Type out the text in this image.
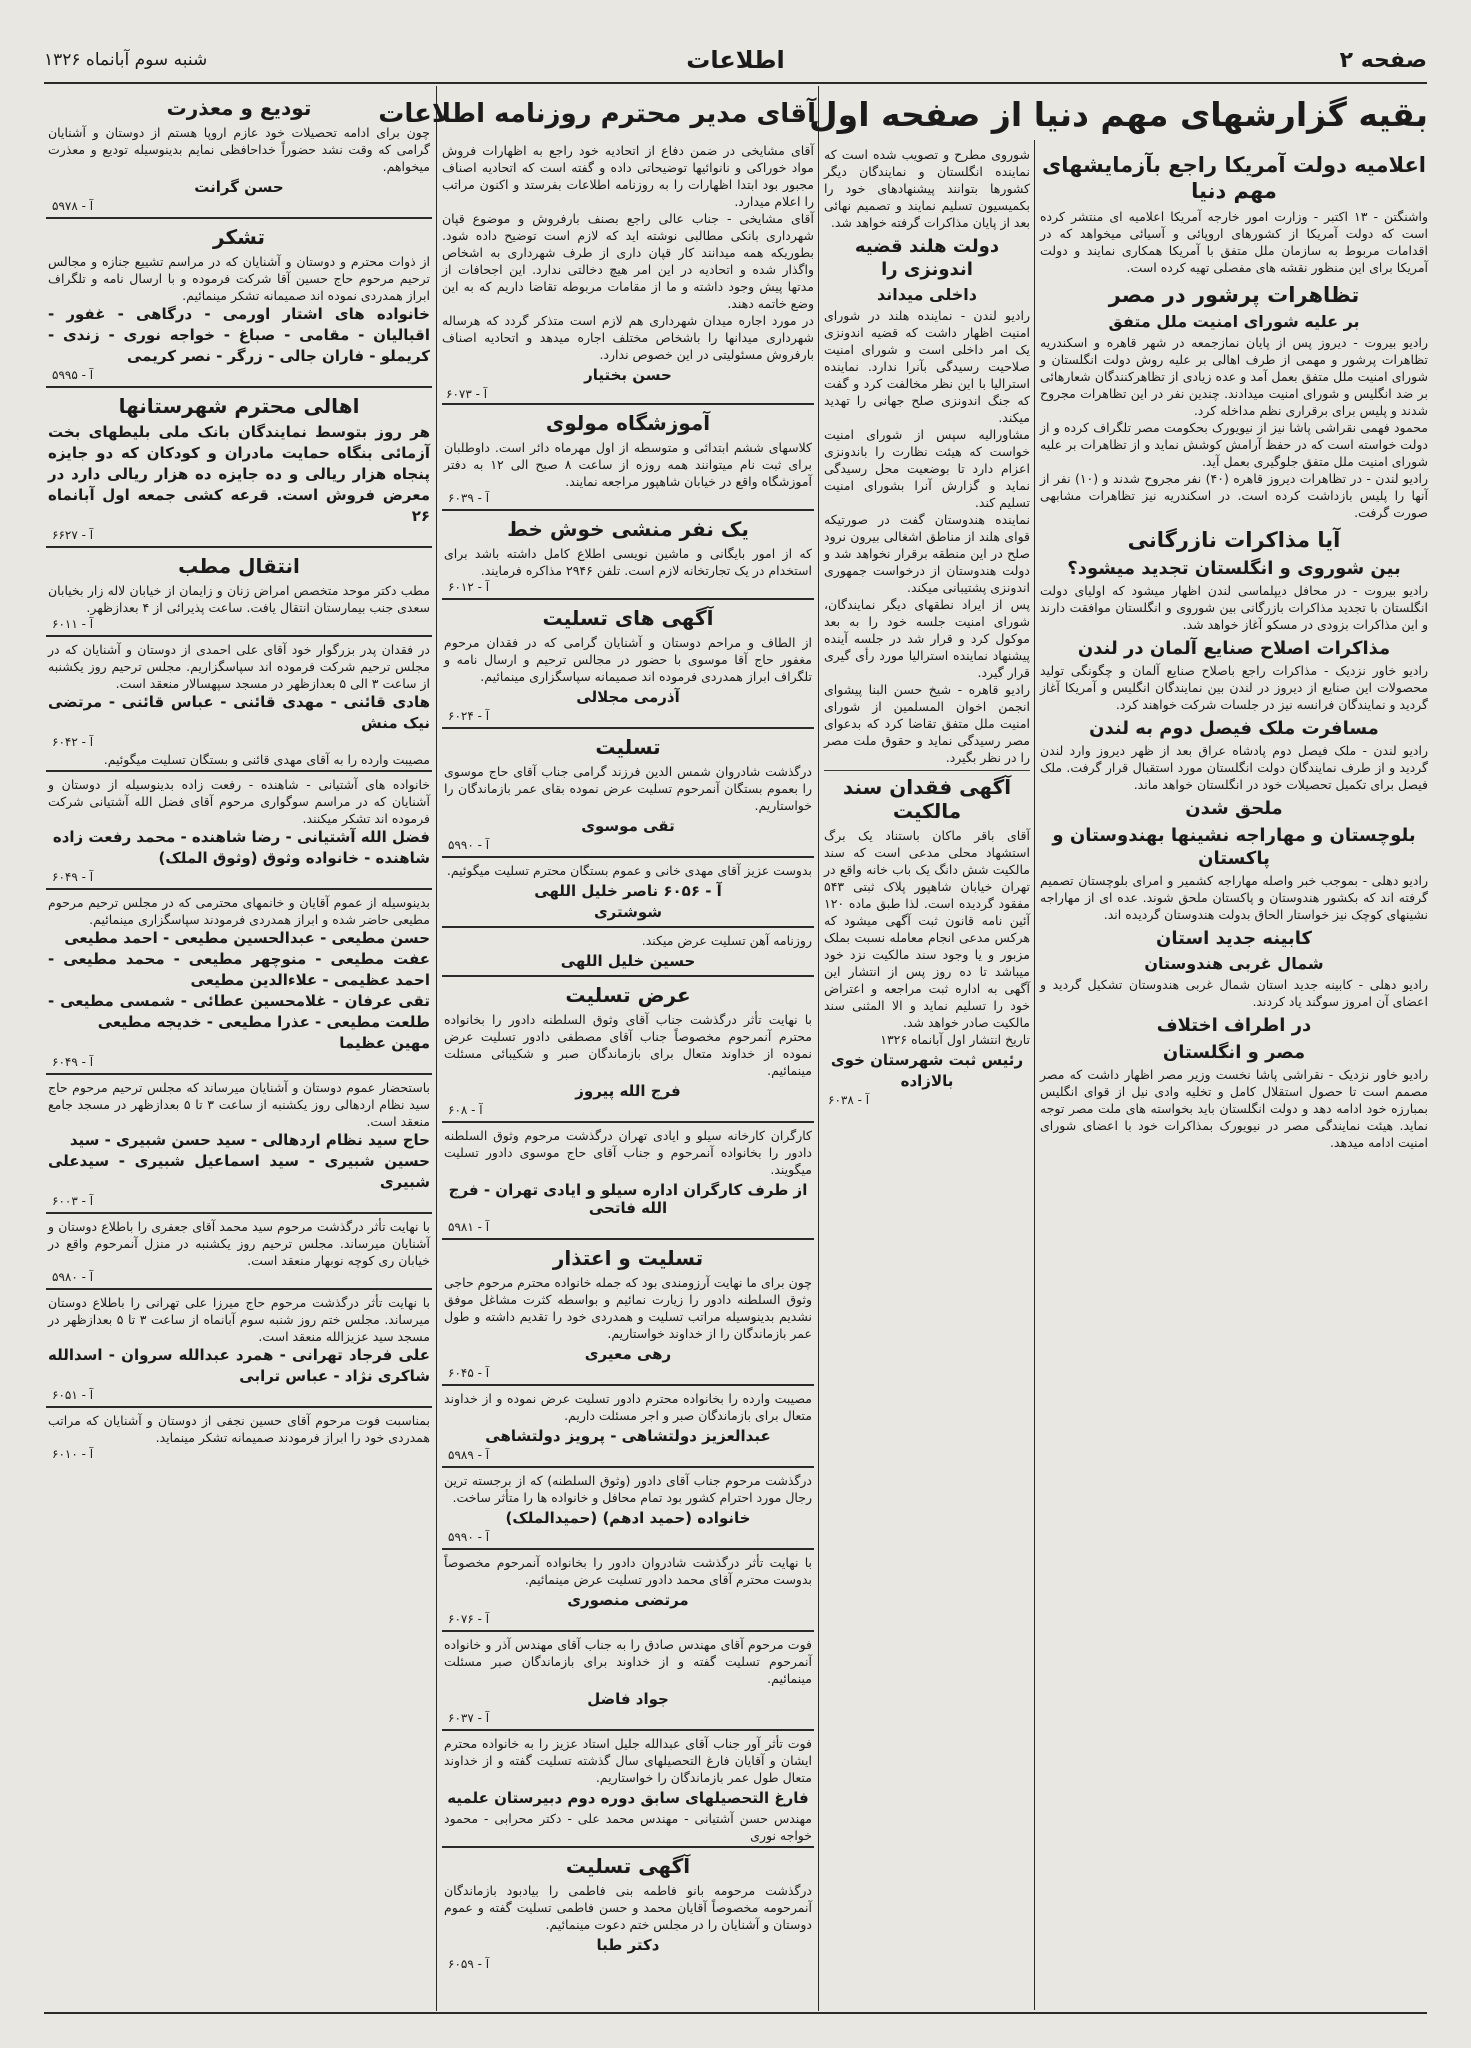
صفحه ۲
اطلاعات
شنبه سوم آبانماه ۱۳۲۶
بقیه گزارشهای مهم دنیا از صفحه اول
آقای مدیر محترم روزنامه اطلاعات
اعلامیه دولت آمریکا راجع بآزمایشهای مهم دنیا

واشنگتن - ۱۳ اکتبر - وزارت امور خارجه آمریکا اعلامیه ای منتشر کرده است که دولت آمریکا از کشورهای اروپائی و آسیائی میخواهد که در اقدامات مربوط به سازمان ملل متفق با آمریکا همکاری نمایند و دولت آمریکا برای این منظور نقشه های مفصلی تهیه کرده است.

تظاهرات پرشور در مصر
بر علیه شورای امنیت ملل متفق

رادیو بیروت - دیروز پس از پایان نمازجمعه در شهر قاهره و اسکندریه تظاهرات پرشور و مهمی از طرف اهالی بر علیه روش دولت انگلستان و شورای امنیت ملل متفق بعمل آمد و عده زیادی از تظاهرکنندگان شعارهائی بر ضد انگلیس و شورای امنیت میدادند. چندین نفر در این تظاهرات مجروح شدند و پلیس برای برقراری نظم مداخله کرد.

محمود فهمی نقراشی پاشا نیز از نیویورک بحکومت مصر تلگراف کرده و از دولت خواسته است که در حفظ آرامش کوشش نماید و از تظاهرات بر علیه شورای امنیت ملل متفق جلوگیری بعمل آید.

رادیو لندن - در تظاهرات دیروز قاهره (۴۰) نفر مجروح شدند و (۱۰) نفر از آنها را پلیس بازداشت کرده است. در اسکندریه نیز تظاهرات مشابهی صورت گرفت.

آیا مذاکرات نازرگانی
بین شوروی و انگلستان تجدید میشود؟

رادیو بیروت - در محافل دیپلماسی لندن اظهار میشود که اولیای دولت انگلستان با تجدید مذاکرات بازرگانی بین شوروی و انگلستان موافقت دارند و این مذاکرات بزودی در مسکو آغاز خواهد شد.

مذاکرات اصلاح صنایع آلمان در لندن

رادیو خاور نزدیک - مذاکرات راجع باصلاح صنایع آلمان و چگونگی تولید محصولات این صنایع از دیروز در لندن بین نمایندگان انگلیس و آمریکا آغاز گردید و نمایندگان فرانسه نیز در جلسات شرکت خواهند کرد.

مسافرت ملک فیصل دوم به لندن

رادیو لندن - ملک فیصل دوم پادشاه عراق بعد از ظهر دیروز وارد لندن گردید و از طرف نمایندگان دولت انگلستان مورد استقبال قرار گرفت. ملک فیصل برای تکمیل تحصیلات خود در انگلستان خواهد ماند.

ملحق شدن
بلوچستان و مهاراجه نشینها بهندوستان و پاکستان

رادیو دهلی - بموجب خبر واصله مهاراجه کشمیر و امرای بلوچستان تصمیم گرفته اند که بکشور هندوستان و پاکستان ملحق شوند. عده ای از مهاراجه نشینهای کوچک نیز خواستار الحاق بدولت هندوستان گردیده اند.

کابینه جدید استان
شمال غربی هندوستان

رادیو دهلی - کابینه جدید استان شمال غربی هندوستان تشکیل گردید و اعضای آن امروز سوگند یاد کردند.

در اطراف اختلاف
مصر و انگلستان

رادیو خاور نزدیک - نقراشی پاشا نخست وزیر مصر اظهار داشت که مصر مصمم است تا حصول استقلال کامل و تخلیه وادی نیل از قوای انگلیس بمبارزه خود ادامه دهد و دولت انگلستان باید بخواسته های ملت مصر توجه نماید. هیئت نمایندگی مصر در نیویورک بمذاکرات خود با اعضای شورای امنیت ادامه میدهد.

شوروی مطرح و تصویب شده است که نماینده انگلستان و نمایندگان دیگر کشورها بتوانند پیشنهادهای خود را بکمیسیون تسلیم نمایند و تصمیم نهائی بعد از پایان مذاکرات گرفته خواهد شد.

دولت هلند قضیه اندونزی را
داخلی میداند

رادیو لندن - نماینده هلند در شورای امنیت اظهار داشت که قضیه اندونزی یک امر داخلی است و شورای امنیت صلاحیت رسیدگی بآنرا ندارد. نماینده استرالیا با این نظر مخالفت کرد و گفت که جنگ اندونزی صلح جهانی را تهدید میکند.

مشاورالیه سپس از شورای امنیت خواست که هیئت نظارت را باندونزی اعزام دارد تا بوضعیت محل رسیدگی نماید و گزارش آنرا بشورای امنیت تسلیم کند.

نماینده هندوستان گفت در صورتیکه قوای هلند از مناطق اشغالی بیرون نرود صلح در این منطقه برقرار نخواهد شد و دولت هندوستان از درخواست جمهوری اندونزی پشتیبانی میکند.

پس از ایراد نطقهای دیگر نمایندگان، شورای امنیت جلسه خود را به بعد موکول کرد و قرار شد در جلسه آینده پیشنهاد نماینده استرالیا مورد رأی گیری قرار گیرد.

رادیو قاهره - شیخ حسن البنا پیشوای انجمن اخوان المسلمین از شورای امنیت ملل متفق تقاضا کرد که بدعوای مصر رسیدگی نماید و حقوق ملت مصر را در نظر بگیرد.

آگهی فقدان سند مالکیت

آقای باقر ماکان باستناد یک برگ استشهاد محلی مدعی است که سند مالکیت شش دانگ یک باب خانه واقع در تهران خیابان شاهپور پلاک ثبتی ۵۴۳ مفقود گردیده است. لذا طبق ماده ۱۲۰ آئین نامه قانون ثبت آگهی میشود که هرکس مدعی انجام معامله نسبت بملک مزبور و یا وجود سند مالکیت نزد خود میباشد تا ده روز پس از انتشار این آگهی به اداره ثبت مراجعه و اعتراض خود را تسلیم نماید و الا المثنی سند مالکیت صادر خواهد شد.

تاریخ انتشار اول آبانماه ۱۳۲۶

رئیس ثبت شهرستان خوی
بالازاده
آ - ۶۰۳۸

آقای مشایخی در ضمن دفاع از اتحادیه خود راجع به اظهارات فروش مواد خوراکی و نانوائیها توضیحاتی داده و گفته است که اتحادیه اصناف مجبور بود ابتدا اظهارات را به روزنامه اطلاعات بفرستد و اکنون مراتب را اعلام میدارد.

آقای مشایخی - جناب عالی راجع بصنف بارفروش و موضوع قپان شهرداری بانکی مطالبی نوشته اید که لازم است توضیح داده شود. بطوریکه همه میدانند کار قپان داری از طرف شهرداری به اشخاص واگذار شده و اتحادیه در این امر هیچ دخالتی ندارد. این اجحافات از مدتها پیش وجود داشته و ما از مقامات مربوطه تقاضا داریم که به این وضع خاتمه دهند.

در مورد اجاره میدان شهرداری هم لازم است متذکر گردد که هرساله شهرداری میدانها را باشخاص مختلف اجاره میدهد و اتحادیه اصناف بارفروش مسئولیتی در این خصوص ندارد.

حسن بختیار
آ - ۶۰۷۳
آموزشگاه مولوی

کلاسهای ششم ابتدائی و متوسطه از اول مهرماه دائر است. داوطلبان برای ثبت نام میتوانند همه روزه از ساعت ۸ صبح الی ۱۲ به دفتر آموزشگاه واقع در خیابان شاهپور مراجعه نمایند.

آ - ۶۰۳۹
یک نفر منشی خوش خط

که از امور بایگانی و ماشین نویسی اطلاع کامل داشته باشد برای استخدام در یک تجارتخانه لازم است. تلفن ۲۹۴۶ مذاکره فرمایند.

آ - ۶۰۱۲
آگهی های تسلیت

از الطاف و مراحم دوستان و آشنایان گرامی که در فقدان مرحوم مغفور حاج آقا موسوی با حضور در مجالس ترحیم و ارسال نامه و تلگراف ابراز همدردی فرموده اند صمیمانه سپاسگزاری مینمائیم.

آذرمی مجلالی
آ - ۶۰۲۴
تسلیت

درگذشت شادروان شمس الدین فرزند گرامی جناب آقای حاج موسوی را بعموم بستگان آنمرحوم تسلیت عرض نموده بقای عمر بازماندگان را خواستاریم.

تقی موسوی
آ - ۵۹۹۰

بدوست عزیز آقای مهدی خانی و عموم بستگان محترم تسلیت میگوئیم.

آ - ۶۰۵۶ ناصر خلیل اللهی
شوشتری

روزنامه آهن تسلیت عرض میکند.

حسین خلیل اللهی
عرض تسلیت

با نهایت تأثر درگذشت جناب آقای وثوق السلطنه دادور را بخانواده محترم آنمرحوم مخصوصاً جناب آقای مصطفی دادور تسلیت عرض نموده از خداوند متعال برای بازماندگان صبر و شکیبائی مسئلت مینمائیم.

فرج الله پیروز
آ - ۶۰۸

کارگران کارخانه سیلو و ایادی تهران درگذشت مرحوم وثوق السلطنه دادور را بخانواده آنمرحوم و جناب آقای حاج موسوی دادور تسلیت میگویند.

از طرف کارگران اداره سیلو و ایادی تهران - فرج الله فاتحی
آ - ۵۹۸۱
تسلیت و اعتذار

چون برای ما نهایت آرزومندی بود که جمله خانواده محترم مرحوم حاجی وثوق السلطنه دادور را زیارت نمائیم و بواسطه کثرت مشاغل موفق نشدیم بدینوسیله مراتب تسلیت و همدردی خود را تقدیم داشته و طول عمر بازماندگان را از خداوند خواستاریم.

رهی معیری
آ - ۶۰۴۵

مصیبت وارده را بخانواده محترم دادور تسلیت عرض نموده و از خداوند متعال برای بازماندگان صبر و اجر مسئلت داریم.

عبدالعزیز دولتشاهی - پرویز دولتشاهی
آ - ۵۹۸۹

درگذشت مرحوم جناب آقای دادور (وثوق السلطنه) که از برجسته ترین رجال مورد احترام کشور بود تمام محافل و خانواده ها را متأثر ساخت.

خانواده (حمید ادهم) (حمیدالملک)
آ - ۵۹۹۰

با نهایت تأثر درگذشت شادروان دادور را بخانواده آنمرحوم مخصوصاً بدوست محترم آقای محمد دادور تسلیت عرض مینمائیم.

مرتضی منصوری
آ - ۶۰۷۶

فوت مرحوم آقای مهندس صادق را به جناب آقای مهندس آذر و خانواده آنمرحوم تسلیت گفته و از خداوند برای بازماندگان صبر مسئلت مینمائیم.

جواد فاضل
آ - ۶۰۳۷

فوت تأثر آور جناب آقای عبدالله جلیل استاد عزیز را به خانواده محترم ایشان و آقایان فارغ التحصیلهای سال گذشته تسلیت گفته و از خداوند متعال طول عمر بازماندگان را خواستاریم.

فارغ التحصیلهای سابق دوره دوم دبیرستان علمیه

مهندس حسن آشتیانی - مهندس محمد علی - دکتر محرابی - محمود خواجه نوری

آگهی تسلیت

درگذشت مرحومه بانو فاطمه بنی فاطمی را بیادبود بازماندگان آنمرحومه مخصوصاً آقایان محمد و حسن فاطمی تسلیت گفته و عموم دوستان و آشنایان را در مجلس ختم دعوت مینمائیم.

دکتر طبا
آ - ۶۰۵۹
تودیع و معذرت

چون برای ادامه تحصیلات خود عازم اروپا هستم از دوستان و آشنایان گرامی که وقت نشد حضوراً خداحافظی نمایم بدینوسیله تودیع و معذرت میخواهم.

حسن گرانت
آ - ۵۹۷۸
تشکر

از ذوات محترم و دوستان و آشنایان که در مراسم تشییع جنازه و مجالس ترحیم مرحوم حاج حسین آقا شرکت فرموده و با ارسال نامه و تلگراف ابراز همدردی نموده اند صمیمانه تشکر مینمائیم.

خانواده های اشتار اورمی - درگاهی - غفور - اقبالیان - مقامی - صباغ - خواجه نوری - زندی - کریملو - فاران جالی - زرگر - نصر کریمی

آ - ۵۹۹۵
اهالی محترم شهرستانها

هر روز بتوسط نمایندگان بانک ملی بلیطهای بخت آزمائی بنگاه حمایت مادران و کودکان که دو جایزه پنجاه هزار ریالی و ده جایزه ده هزار ریالی دارد در معرض فروش است. قرعه کشی جمعه اول آبانماه ۲۶

آ - ۶۶۲۷
انتقال مطب

مطب دکتر موحد متخصص امراض زنان و زایمان از خیابان لاله زار بخیابان سعدی جنب بیمارستان انتقال یافت. ساعت پذیرائی از ۴ بعدازظهر.

آ - ۶۰۱۱

در فقدان پدر بزرگوار خود آقای علی احمدی از دوستان و آشنایان که در مجلس ترحیم شرکت فرموده اند سپاسگزاریم. مجلس ترحیم روز یکشنبه از ساعت ۳ الی ۵ بعدازظهر در مسجد سپهسالار منعقد است.

هادی قائنی - مهدی قائنی - عباس قائنی - مرتضی نیک منش

آ - ۶۰۴۲

مصیبت وارده را به آقای مهدی قائنی و بستگان تسلیت میگوئیم.

خانواده های آشتیانی - شاهنده - رفعت زاده بدینوسیله از دوستان و آشنایان که در مراسم سوگواری مرحوم آقای فضل الله آشتیانی شرکت فرموده اند تشکر میکنند.

فضل الله آشتیانی - رضا شاهنده - محمد رفعت زاده

شاهنده - خانواده وثوق (وثوق الملک)

آ - ۶۰۴۹

بدینوسیله از عموم آقایان و خانمهای محترمی که در مجلس ترحیم مرحوم مطیعی حاضر شده و ابراز همدردی فرمودند سپاسگزاری مینمائیم.

حسن مطیعی - عبدالحسین مطیعی - احمد مطیعی

عفت مطیعی - منوچهر مطیعی - محمد مطیعی - احمد عظیمی - علاءالدین مطیعی

تقی عرفان - غلامحسین عطائی - شمسی مطیعی - طلعت مطیعی - عذرا مطیعی - خدیجه مطیعی

مهین عظیما

آ - ۶۰۴۹

باستحضار عموم دوستان و آشنایان میرساند که مجلس ترحیم مرحوم حاج سید نظام اردهالی روز یکشنبه از ساعت ۳ تا ۵ بعدازظهر در مسجد جامع منعقد است.

حاج سید نظام اردهالی - سید حسن شبیری - سید

حسین شبیری - سید اسماعیل شبیری - سیدعلی شبیری

آ - ۶۰۰۳

با نهایت تأثر درگذشت مرحوم سید محمد آقای جعفری را باطلاع دوستان و آشنایان میرساند. مجلس ترحیم روز یکشنبه در منزل آنمرحوم واقع در خیابان ری کوچه نوبهار منعقد است.

آ - ۵۹۸۰

با نهایت تأثر درگذشت مرحوم حاج میرزا علی تهرانی را باطلاع دوستان میرساند. مجلس ختم روز شنبه سوم آبانماه از ساعت ۳ تا ۵ بعدازظهر در مسجد سید عزیزالله منعقد است.

علی فرجاد تهرانی - همرد عبدالله سروان - اسدالله شاکری نژاد - عباس ترابی

آ - ۶۰۵۱

بمناسبت فوت مرحوم آقای حسین نجفی از دوستان و آشنایان که مراتب همدردی خود را ابراز فرمودند صمیمانه تشکر مینماید.

آ - ۶۰۱۰
